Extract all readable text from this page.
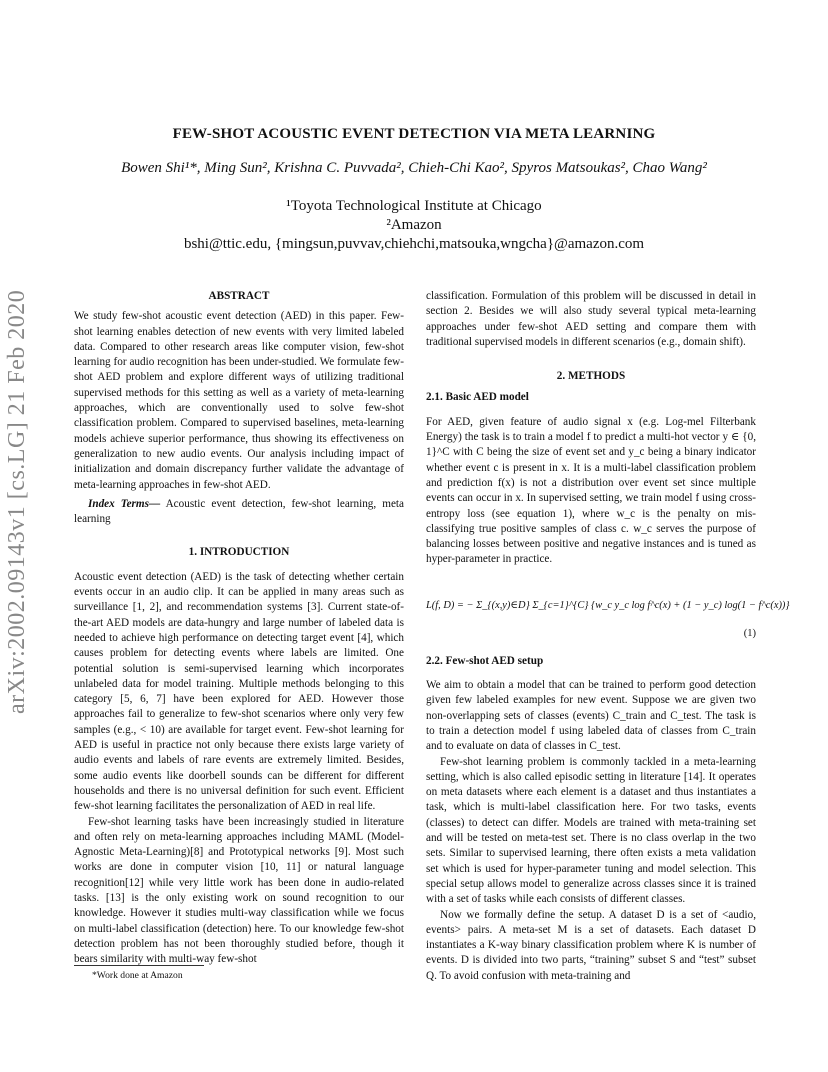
arXiv:2002.09143v1 [cs.LG] 21 Feb 2020
FEW-SHOT ACOUSTIC EVENT DETECTION VIA META LEARNING
Bowen Shi¹*, Ming Sun², Krishna C. Puvvada², Chieh-Chi Kao², Spyros Matsoukas², Chao Wang²
¹Toyota Technological Institute at Chicago
²Amazon
bshi@ttic.edu, {mingsun,puvvav,chiehchi,matsouka,wngcha}@amazon.com
ABSTRACT

We study few-shot acoustic event detection (AED) in this paper. Few-shot learning enables detection of new events with very limited labeled data. Compared to other research areas like computer vision, few-shot learning for audio recognition has been under-studied. We formulate few-shot AED problem and explore different ways of utilizing traditional supervised methods for this setting as well as a variety of meta-learning approaches, which are conventionally used to solve few-shot classification problem. Compared to supervised baselines, meta-learning models achieve superior performance, thus showing its effectiveness on generalization to new audio events. Our analysis including impact of initialization and domain discrepancy further validate the advantage of meta-learning approaches in few-shot AED.

Index Terms— Acoustic event detection, few-shot learning, meta learning

1. INTRODUCTION

Acoustic event detection (AED) is the task of detecting whether certain events occur in an audio clip. It can be applied in many areas such as surveillance [1, 2], and recommendation systems [3]. Current state-of-the-art AED models are data-hungry and large number of labeled data is needed to achieve high performance on detecting target event [4], which causes problem for detecting events where labels are limited. One potential solution is semi-supervised learning which incorporates unlabeled data for model training. Multiple methods belonging to this category [5, 6, 7] have been explored for AED. However those approaches fail to generalize to few-shot scenarios where only very few samples (e.g., < 10) are available for target event. Few-shot learning for AED is useful in practice not only because there exists large variety of audio events and labels of rare events are extremely limited. Besides, some audio events like doorbell sounds can be different for different households and there is no universal definition for such event. Efficient few-shot learning facilitates the personalization of AED in real life.

Few-shot learning tasks have been increasingly studied in literature and often rely on meta-learning approaches including MAML (Model-Agnostic Meta-Learning)[8] and Prototypical networks [9]. Most such works are done in computer vision [10, 11] or natural language recognition[12] while very little work has been done in audio-related tasks. [13] is the only existing work on sound recognition to our knowledge. However it studies multi-way classification while we focus on multi-label classification (detection) here. To our knowledge few-shot detection problem has not been thoroughly studied before, though it bears similarity with multi-way few-shot

*Work done at Amazon

classification. Formulation of this problem will be discussed in detail in section 2. Besides we will also study several typical meta-learning approaches under few-shot AED setting and compare them with traditional supervised models in different scenarios (e.g., domain shift).

2. METHODS
2.1. Basic AED model

For AED, given feature of audio signal x (e.g. Log-mel Filterbank Energy) the task is to train a model f to predict a multi-hot vector y ∈ {0, 1}^C with C being the size of event set and y_c being a binary indicator whether event c is present in x. It is a multi-label classification problem and prediction f(x) is not a distribution over event set since multiple events can occur in x. In supervised setting, we train model f using cross-entropy loss (see equation 1), where w_c is the penalty on mis-classifying true positive samples of class c. w_c serves the purpose of balancing losses between positive and negative instances and is tuned as hyper-parameter in practice.

L(f, D) = − Σ_{(x,y)∈D} Σ_{c=1}^{C} {w_c y_c log f^c(x) + (1 − y_c) log(1 − f^c(x))}
(1)
2.2. Few-shot AED setup

We aim to obtain a model that can be trained to perform good detection given few labeled examples for new event. Suppose we are given two non-overlapping sets of classes (events) C_train and C_test. The task is to train a detection model f using labeled data of classes from C_train and to evaluate on data of classes in C_test.

Few-shot learning problem is commonly tackled in a meta-learning setting, which is also called episodic setting in literature [14]. It operates on meta datasets where each element is a dataset and thus instantiates a task, which is multi-label classification here. For two tasks, events (classes) to detect can differ. Models are trained with meta-training set and will be tested on meta-test set. There is no class overlap in the two sets. Similar to supervised learning, there often exists a meta validation set which is used for hyper-parameter tuning and model selection. This special setup allows model to generalize across classes since it is trained with a set of tasks while each consists of different classes.

Now we formally define the setup. A dataset D is a set of <audio, events> pairs. A meta-set M is a set of datasets. Each dataset D instantiates a K-way binary classification problem where K is number of events. D is divided into two parts, “training” subset S and “test” subset Q. To avoid confusion with meta-training and
